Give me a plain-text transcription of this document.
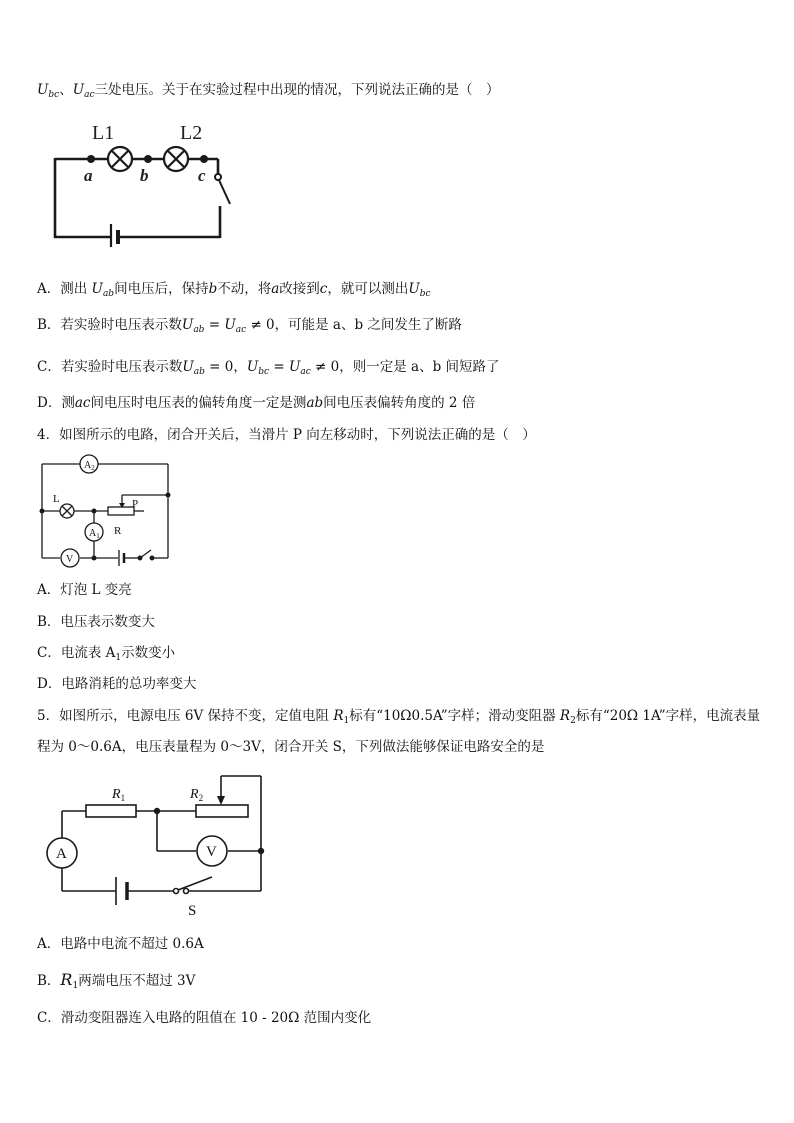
$U_{bc}$、$U_{ac}$三处电压。关于在实验过程中出现的情况，下列说法正确的是（　）
L1	L2
a	b	c
A．测出 $U_{ab}$间电压后，保持b不动，将a改接到c，就可以测出$U_{bc}$
B．若实验时电压表示数$U_{ab} = U_{ac} \ne 0$，可能是 a、b 之间发生了断路
C．若实验时电压表示数$U_{ab} = 0$，$U_{bc} = U_{ac} \ne 0$，则一定是 a、b 间短路了
D．测ac间电压时电压表的偏转角度一定是测ab间电压表偏转角度的 2 倍
4．如图所示的电路，闭合开关后，当滑片 P 向左移动时，下列说法正确的是（　）
$A_2$
L	P
R
$A_1$
V
A．灯泡 L 变亮
B．电压表示数变大
C．电流表 $A_1$示数变小
D．电路消耗的总功率变大
5．如图所示，电源电压 6V 保持不变，定值电阻 $R_1$标有“10Ω0.5A”字样；滑动变阻器 $R_2$标有“20Ω 1A”字样，电流表量
程为 0～0.6A，电压表量程为 0～3V，闭合开关 S，下列做法能够保证电路安全的是
$R_1$	$R_2$
A	V
S
A．电路中电流不超过 0.6A
B．$R_1$两端电压不超过 3V
C．滑动变阻器连入电路的阻值在 10 - 20Ω 范围内变化
